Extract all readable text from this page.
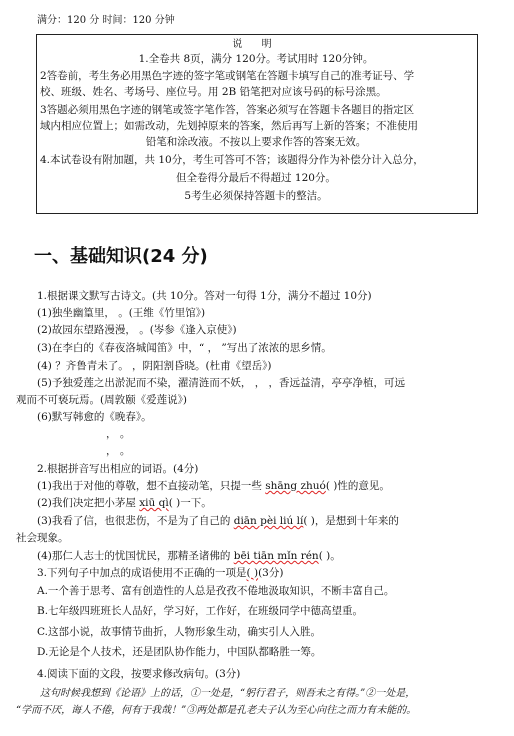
满分：120 分 时间：120 分钟
说 明
1.全卷共 8页，满分 120分。考试用时 120分钟。
2答卷前，考生务必用黑色字迹的签字笔或钢笔在答题卡填写自己的准考证号、学
校、班级、姓名、考场号、座位号。用 2B 铅笔把对应该号码的标号涂黑。
3答题必须用黑色字迹的钢笔或签字笔作答，答案必须写在答题卡各题目的指定区
域内相应位置上；如需改动，先划掉原来的答案，然后再写上新的答案；不准使用
铅笔和涂改液。不按以上要求作答的答案无效。
4.本试卷设有附加题，共 10分，考生可答可不答；该题得分作为补偿分计入总分，
但全卷得分最后不得超过 120分。
5考生必须保持答题卡的整洁。
一、基础知识(24 分)
1.根据课文默写古诗文。(共 10分。答对一句得 1分，满分不超过 10分)
(1)独坐幽篁里， 。(王维《竹里馆》)
(2)故园东望路漫漫， 。(岑参《逢入京使》)
(3)在李白的《春夜洛城闻笛》中，“ ， ”写出了浓浓的思乡情。
(4) ？齐鲁青未了。 ，阴阳割昏晓。(杜甫《望岳》)
(5)予独爱莲之出淤泥而不染，濯清涟而不妖， ， ，香远益清，亭亭净植，可远
观而不可亵玩焉。(周敦颐《爱莲说》)
(6)默写韩愈的《晚春》。
， 。
， 。
2.根据拼音写出相应的词语。(4分)
(1)我出于对他的尊敬，想不直接动笔，只提一些 shāng zhuó( )性的意见。
(2)我们决定把小茅屋 xiū qì( )一下。
(3)我看了信，也很悲伤，不是为了自己的 diān pèi liú lí( )，是想到十年来的
社会现象。
(4)那仁人志士的忧国忧民，那精圣诸佛的 bēi tiān mǐn rén( )。
3.下列句子中加点的成语使用不正确的一项是( )(3分)
A.一个善于思考、富有创造性的人总是孜孜不倦地汲取知识，不断丰富自己。
B.七年级四班班长人品好，学习好，工作好，在班级同学中德高望重。
C.这部小说，故事情节曲折，人物形象生动，确实引人入胜。
D.无论是个人技术，还是团队协作能力，中国队都略胜一筹。
4.阅读下面的文段，按要求修改病句。(3分)
这句时候我想到《论语》上的话，①一处是，“躬行君子，则吾未之有得。”②一处是，
“学而不厌，诲人不倦，何有于我哉！”③两处都是孔老夫子认为至心向往之而力有未能的。
